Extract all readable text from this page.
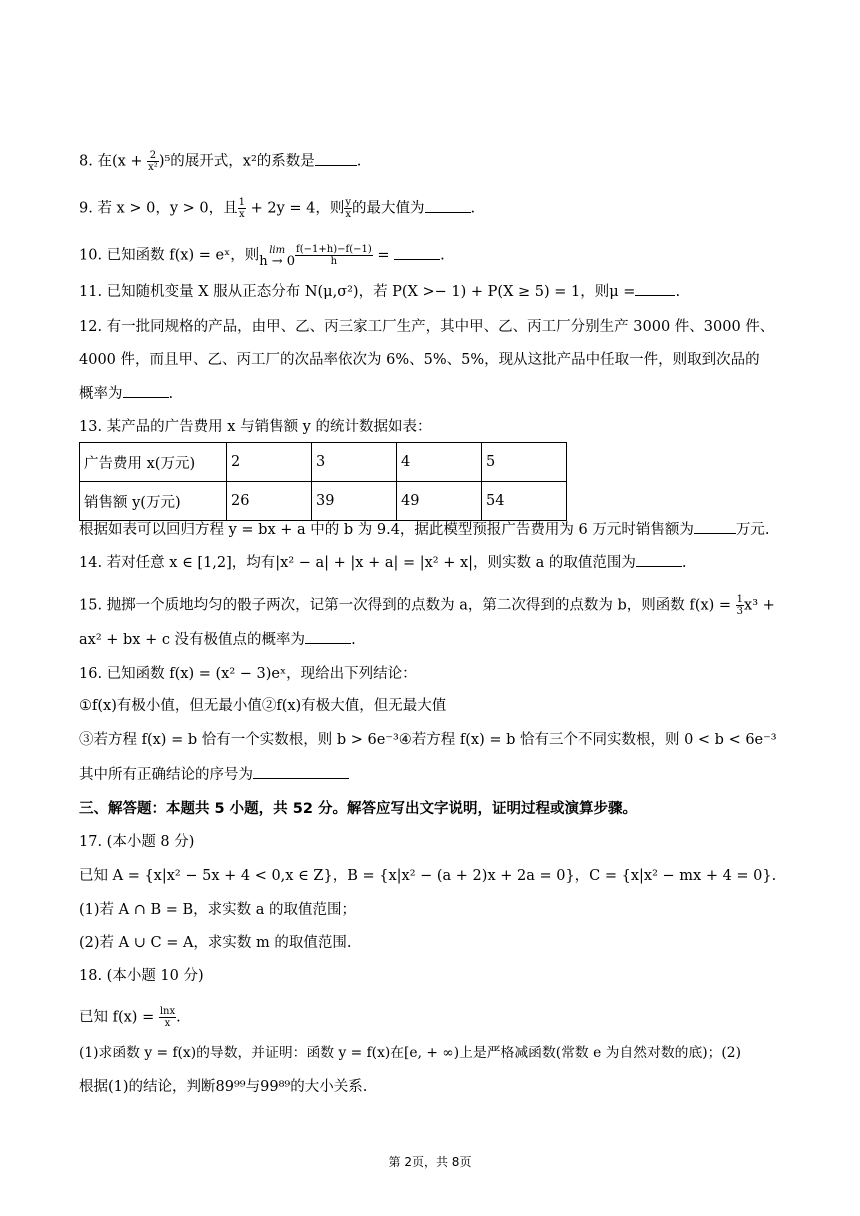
8. 在$(x + \frac{2}{\text{x²}} )^5$的展开式，x²的系数是	.
9. 若 x > 0，y > 0，且 $\frac{1}{x} + 2y = 4$，则 $\frac{y}{x}$ 的最大值为	.
10. 已知函数 f(x) = eˣ，则 lim
$h \to 0 \frac{f(-1+h)-f(-1)}{h}$ =	.
11. 已知随机变量 X 服从正态分布 N(μ,σ²)，若 P(X >− 1) + P(X ≥ 5) = 1，则μ =	.
12. 有一批同规格的产品，由甲、乙、丙三家工厂生产，其中甲、乙、丙工厂分别生产 3000 件、3000 件、
4000 件，而且甲、乙、丙工厂的次品率依次为 6%、5%、5%，现从这批产品中任取一件，则取到次品的
概率为	.
13. 某产品的广告费用 x 与销售额 y 的统计数据如表：
广告费用 x(万元)	2	3	4	5
销售额 y(万元)	26	39	49	54
根据如表可以回归方程 y = bx + a 中的 b 为 9.4，据此模型预报广告费用为 6 万元时销售额为	万元.
14. 若对任意 x ∈ [1,2]，均有|x² − a| + |x + a| = |x² + x|，则实数 a 的取值范围为	.
15. 抛掷一个质地均匀的骰子两次，记第一次得到的点数为 a，第二次得到的点数为 b，则函数 $f(x) = \frac{1}{3} x^3$ +
ax² + bx + c 没有极值点的概率为	.
16. 已知函数 f(x) = (x² − 3)eˣ，现给出下列结论：
①f(x)有极小值，但无最小值②f(x)有极大值，但无最大值
③若方程 f(x) = b 恰有一个实数根，则 b > 6e⁻³④若方程 f(x) = b 恰有三个不同实数根，则 0 < b < 6e⁻³
其中所有正确结论的序号为
三、解答题：本题共 5 小题，共 52 分。解答应写出文字说明，证明过程或演算步骤。
17. (本小题 8 分)
已知 A = {x|x² − 5x + 4 < 0,x ∈ Z}，B = {x|x² − (a + 2)x + 2a = 0}，C = {x|x² − mx + 4 = 0}.
(1)若 A ∩ B = B，求实数 a 的取值范围；
(2)若 A ∪ C = A，求实数 m 的取值范围.
18. (本小题 10 分)
已知 $f(x) = \frac{\ln x}{x}$ .
(1)求函数 y = f(x)的导数，并证明：函数 y = f(x)在[e, + ∞)上是严格减函数(常数 e 为自然对数的底)；(2)
根据(1)的结论，判断89⁹⁹与99⁸⁹的大小关系.
第 2页，共 8页
